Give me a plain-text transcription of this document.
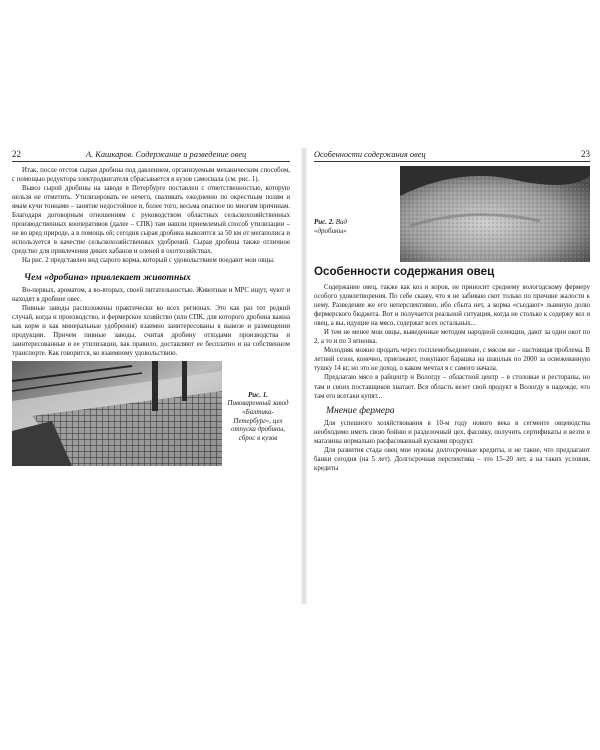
22	А. Кашкаров. Содержание и разведение овец

Итак, после отстоя сырая дробина под давлением, организуемым механическим способом, с помощью редуктора электродвигателя сбрасывается в кузов самосвала (см. рис. 1).

Вывоз сырой дробины на заводе в Петербурге поставлен с ответственностью, которую нельзя не отметить. Утилизировать ее нечего, сваливать ежедневно по окрестным полям и ямам кучи тоннами – занятие недостойное и, более того, весьма опасное по многим причинам. Благодаря договорным отношениям с руководством областных сельскохозяйственных производственных кооперативов (далее – СПК) там нашли приемлемый способ утилизации – не во вред природе, а в помощь ей; сегодня сырая дробина вывозится за 50 км от мегаполиса и используется в качестве сельскохозяйственных удобрений. Сырая дробина также отличное средство для привлечения диких кабанов и оленей в охотхозяйствах.

На рис. 2 представлен вид сырого корма, который с удовольствием поедают мои овцы.

Чем «дробина» привлекает животных

Во-первых, ароматом, а во-вторых, своей питательностью. Животные и МРС ищут, чуют и находят в дробине овес.

Пивные заводы расположены практически во всех регионах. Это как раз тот редкий случай, когда и производство, и фермерское хозяйство (или СПК, для которого дробина важна как корм и как минеральные удобрения) взаимно заинтересованы в вывозе и размещении продукции. Причем пивные заводы, считая дробину отходами производства и заинтересованные в ее утилизации, как правило, доставляют ее бесплатно и на собственном транспорте. Как говорится, ко взаимному удовольствию.

Рис. 1. Пивоваренный завод «Балтика-Петербург», цех отпуска дробины, сброс в кузов
Особенности содержания овец	23
Рис. 2. Вид «дробины»
Особенности содержания овец

Содержание овец, также как коз и коров, не приносит среднему вологодскому фермеру особого удовлетворения. По себе скажу, что я не забиваю скот только по причине жалости к нему. Разведение же его неперспективно, ибо сбыта нет, а корма «съедают» львиную долю фермерского бюджета. Вот и получается реальной ситуация, когда не столько к содержу коз и овец, а вы, идущие на мясо, содержат всех остальных...

И тем не менее мои овцы, выведенные методом народной селекции, дают за один окот по 2, а то и по 3 ягненка.

Молодняк можно продать через госплемобъединение, с мясом же – настоящая проблема. В летний сезон, конечно, приезжают, покупают барашка на шашлык по 2000 за освежеванную тушку 14 кг, но это не доход, о каком мечтал я с самого начала.

Предлагаю мясо в райцентр и Вологду – областной центр – в столовые и рестораны, но там и своих поставщиков хватает. Вся область везет свой продукт в Вологду в надежде, что там его всетаки купят...

Мнение фермера

Для успешного хозяйствования в 10-м году нового века в сегменте овцеводства необходимо иметь свою бойню и разделочный цех, фасовку, получить сертификаты и везти в магазины нормально расфасованный кусками продукт.

Для развития стада овец мне нужны долгосрочные кредиты, и не такие, что предлагают банки сегодня (на 5 лет). Долгосрочная перспектива – это 15–20 лет, а на таких условия, кредиты
